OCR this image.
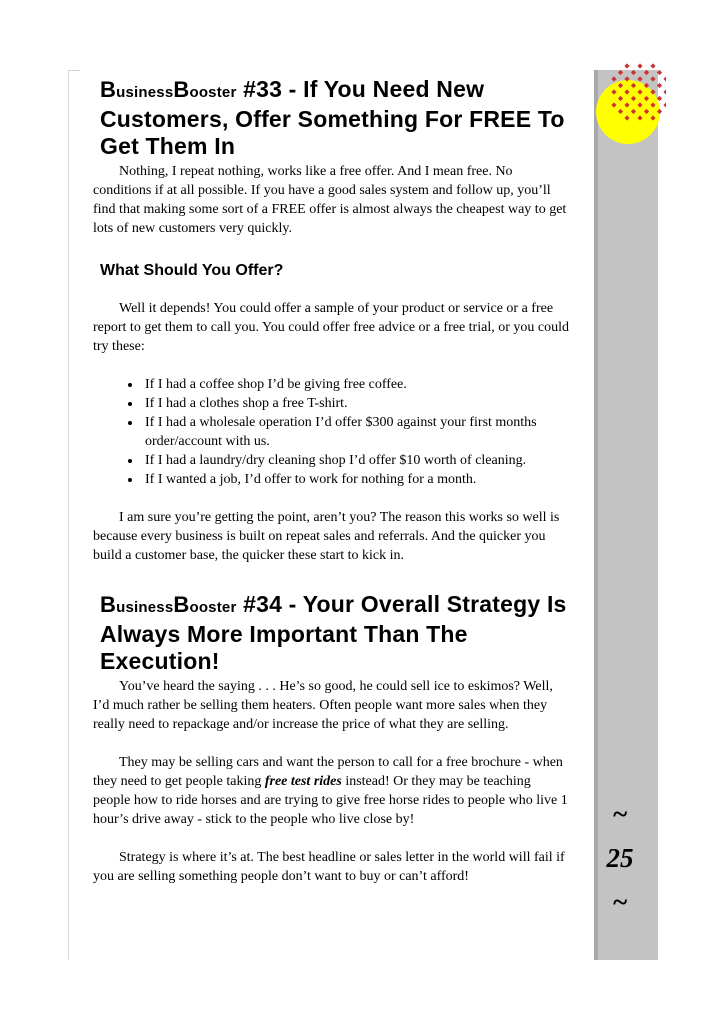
~
25
~
BusinessBooster #33 - If You Need New Customers, Offer Something For FREE To Get Them In

Nothing, I repeat nothing, works like a free offer. And I mean free. No conditions if at all possible. If you have a good sales system and follow up, you’ll find that making some sort of a FREE offer is almost always the cheapest way to get lots of new customers very quickly.

What Should You Offer?

Well it depends! You could offer a sample of your product or service or a free report to get them to call you. You could offer free advice or a free trial, or you could try these:

• If I had a coffee shop I’d be giving free coffee.
• If I had a clothes shop a free T-shirt.
• If I had a wholesale operation I’d offer $300 against your first months order/account with us.
• If I had a laundry/dry cleaning shop I’d offer $10 worth of cleaning.
• If I wanted a job, I’d offer to work for nothing for a month.

I am sure you’re getting the point, aren’t you? The reason this works so well is because every business is built on repeat sales and referrals. And the quicker you build a customer base, the quicker these start to kick in.

BusinessBooster #34 - Your Overall Strategy Is Always More Important Than The Execution!

You’ve heard the saying . . . He’s so good, he could sell ice to eskimos? Well, I’d much rather be selling them heaters. Often people want more sales when they really need to repackage and/or increase the price of what they are selling.

They may be selling cars and want the person to call for a free brochure - when they need to get people taking free test rides instead! Or they may be teaching people how to ride horses and are trying to give free horse rides to people who live 1 hour’s drive away - stick to the people who live close by!

Strategy is where it’s at. The best headline or sales letter in the world will fail if you are selling something people don’t want to buy or can’t afford!
